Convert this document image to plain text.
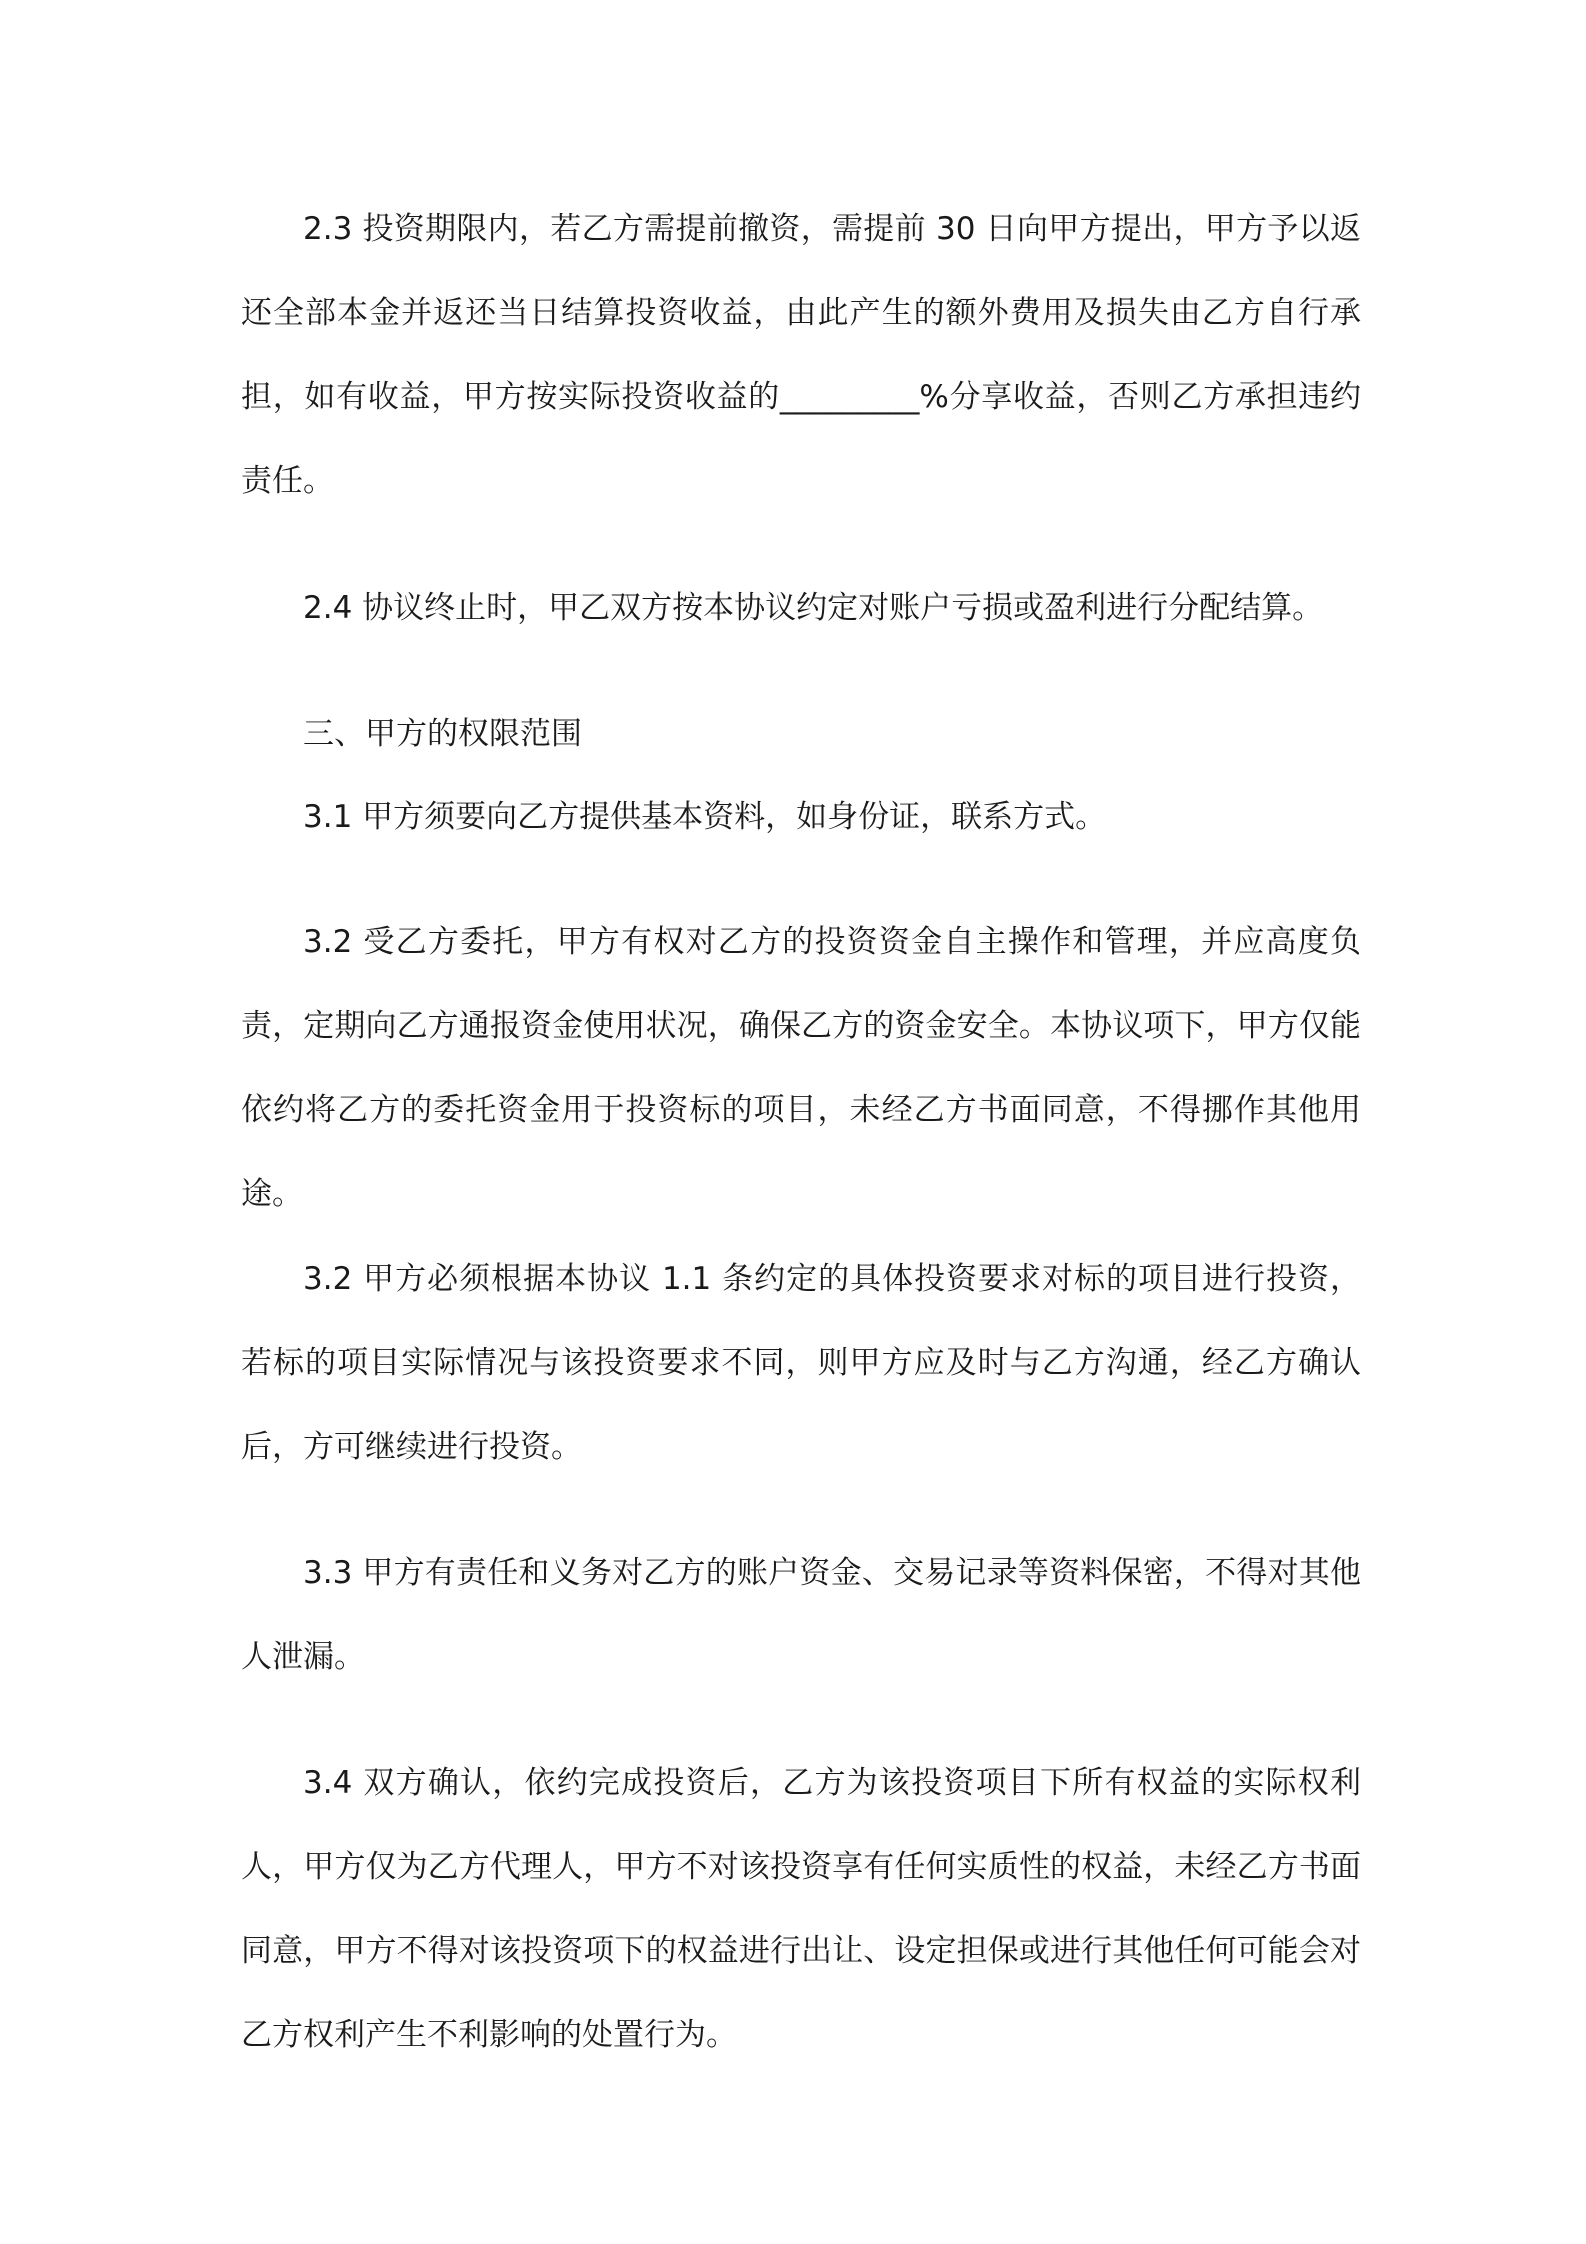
2.3 投资期限内，若乙方需提前撤资，需提前 30 日向甲方提出，甲方予以返还全部本金并返还当日结算投资收益，由此产生的额外费用及损失由乙方自行承担，如有收益，甲方按实际投资收益的_________%分享收益，否则乙方承担违约责任。

2.4 协议终止时，甲乙双方按本协议约定对账户亏损或盈利进行分配结算。

三、甲方的权限范围

3.1 甲方须要向乙方提供基本资料，如身份证，联系方式。

3.2 受乙方委托，甲方有权对乙方的投资资金自主操作和管理，并应高度负责，定期向乙方通报资金使用状况，确保乙方的资金安全。本协议项下，甲方仅能依约将乙方的委托资金用于投资标的项目，未经乙方书面同意，不得挪作其他用途。

3.2 甲方必须根据本协议 1.1 条约定的具体投资要求对标的项目进行投资，若标的项目实际情况与该投资要求不同，则甲方应及时与乙方沟通，经乙方确认后，方可继续进行投资。

3.3 甲方有责任和义务对乙方的账户资金、交易记录等资料保密，不得对其他人泄漏。

3.4 双方确认，依约完成投资后，乙方为该投资项目下所有权益的实际权利人，甲方仅为乙方代理人，甲方不对该投资享有任何实质性的权益，未经乙方书面同意，甲方不得对该投资项下的权益进行出让、设定担保或进行其他任何可能会对乙方权利产生不利影响的处置行为。
